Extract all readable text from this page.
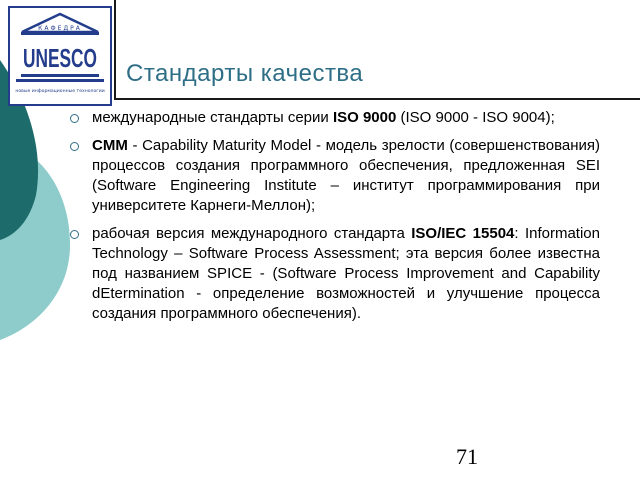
КАФЕДРА
UNESCO
новые информационные технологии
Стандарты качества
международные стандарты серии ISO 9000 (ISO 9000 - ISO 9004);
CMM - Capability Maturity Model - модель зрелости (совершенствования) процессов создания программного обеспечения, предложенная SEI (Software Engineering Institute – институт программирования при университете Карнеги-Меллон);
рабочая версия международного стандарта ISO/IEC 15504: Information Technology – Software Process Assessment; эта версия более известна под названием SPICE - (Software Process Improvement and Capability dEtermination - определение возможностей и улучшение процесса создания программного обеспечения).
71
